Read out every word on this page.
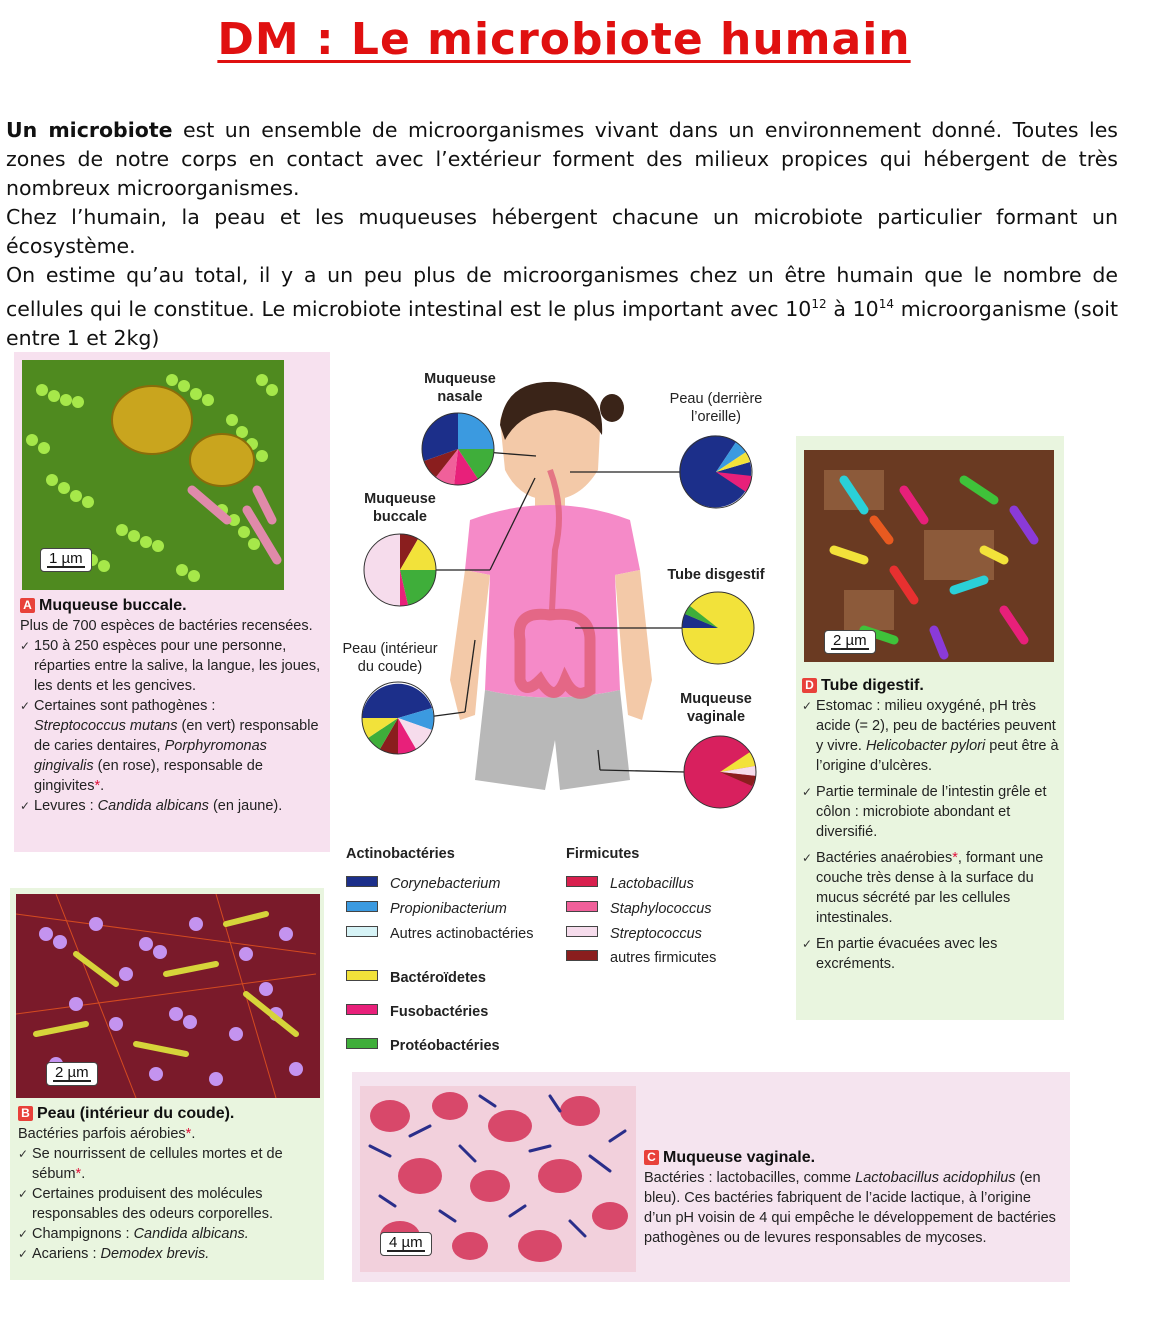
DM : Le microbiote humain

Un microbiote est un ensemble de microorganismes vivant dans un environnement donné. Toutes les zones de notre corps en contact avec l’extérieur forment des milieux propices qui hébergent de très nombreux microorganismes.

Chez l’humain, la peau et les muqueuses hébergent chacune un microbiote particulier formant un écosystème.

On estime qu’au total, il y a un peu plus de microorganismes chez un être humain que le nombre de cellules qui le constitue. Le microbiote intestinal est le plus important avec $10^{12}$ à $10^{14}$ microorganisme (soit entre 1 et 2kg)

1 µm
A Muqueuse buccale.
Plus de 700 espèces de bactéries recensées.
✓ 150 à 250 espèces pour une personne, réparties entre la salive, la langue, les joues, les dents et les gencives.
✓ Certaines sont pathogènes :
Streptococcus mutans (en vert) responsable de caries dentaires, Porphyromonas gingivalis (en rose), responsable de gingivites*.
✓ Levures : Candida albicans (en jaune).
2 µm
B Peau (intérieur du coude).
Bactéries parfois aérobies*.
✓ Se nourrissent de cellules mortes et de sébum*.
✓ Certaines produisent des molécules responsables des odeurs corporelles.
✓ Champignons : Candida albicans.
✓ Acariens : Demodex brevis.
4 µm
C Muqueuse vaginale.
Bactéries : lactobacilles, comme Lactobacillus acidophilus (en bleu). Ces bactéries fabriquent de l’acide lactique, à l’origine d’un pH voisin de 4 qui empêche le développement de bactéries pathogènes ou de levures responsables de mycoses.
2 µm
D Tube digestif.
✓ Estomac : milieu oxygéné, pH très acide (= 2), peu de bactéries peuvent y vivre. Helicobacter pylori peut être à l’origine d’ulcères.
✓ Partie terminale de l’intestin grêle et côlon : microbiote abondant et diversifié.
✓ Bactéries anaérobies*, formant une couche très dense à la surface du mucus sécrété par les cellules intestinales.
✓ En partie évacuées avec les excréments.
Muqueuse nasale
Muqueuse buccale
Peau (intérieur du coude)
Peau (derrière l’oreille)
Tube disgestif
Muqueuse vaginale
Actinobactéries	Firmicutes
Corynebacterium
Propionibacterium
Autres actinobactéries
Bactéroïdetes
Fusobactéries
Protéobactéries
Lactobacillus
Staphylococcus
Streptococcus
autres firmicutes
